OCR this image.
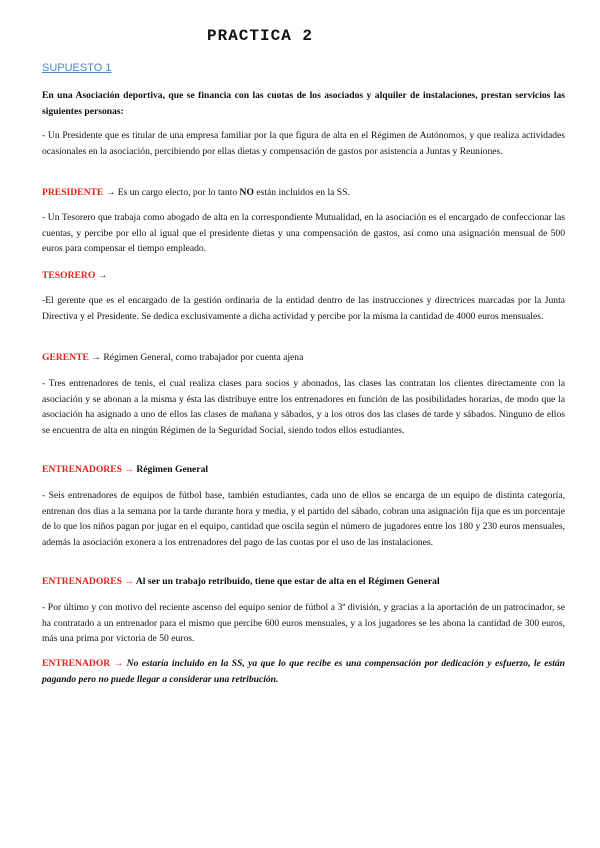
PRACTICA 2
SUPUESTO 1
En una Asociación deportiva, que se financia con las cuotas de los asociados y alquiler de instalaciones, prestan servicios las siguientes personas:
- Un Presidente que es titular de una empresa familiar por la que figura de alta en el Régimen de Autónomos, y que realiza actividades ocasionales en la asociación, percibiendo por ellas dietas y compensación de gastos por asistencia a Juntas y Reuniones.
PRESIDENTE → Es un cargo electo, por lo tanto NO están incluidos en la SS.
- Un Tesorero que trabaja como abogado de alta en la correspondiente Mutualidad, en la asociación es el encargado de confeccionar las cuentas, y percibe por ello al igual que el presidente dietas y una compensación de gastos, así como una asignación mensual de 500 euros para compensar el tiempo empleado.
TESORERO →
-El gerente que es el encargado de la gestión ordinaria de la entidad dentro de las instrucciones y directrices marcadas por la Junta Directiva y el Presidente. Se dedica exclusivamente a dicha actividad y percibe por la misma la cantidad de 4000 euros mensuales.
GERENTE → Régimen General, como trabajador por cuenta ajena
- Tres entrenadores de tenis, el cual realiza clases para socios y abonados, las clases las contratan los clientes directamente con la asociación y se abonan a la misma y ésta las distribuye entre los entrenadores en función de las posibilidades horarias, de modo que la asociación ha asignado a uno de ellos las clases de mañana y sábados, y a los otros dos las clases de tarde y sábados. Ninguno de ellos se encuentra de alta en ningún Régimen de la Seguridad Social, siendo todos ellos estudiantes.
ENTRENADORES → Régimen General
- Seis entrenadores de equipos de fútbol base, también estudiantes, cada uno de ellos se encarga de un equipo de distinta categoría, entrenan dos días a la semana por la tarde durante hora y media, y el partido del sábado, cobran una asignación fija que es un porcentaje de lo que los niños pagan por jugar en el equipo, cantidad que oscila según el número de jugadores entre los 180 y 230 euros mensuales, además la asociación exonera a los entrenadores del pago de las cuotas por el uso de las instalaciones.
ENTRENADORES → Al ser un trabajo retribuido, tiene que estar de alta en el Régimen General
- Por último y con motivo del reciente ascenso del equipo senior de fútbol a 3ª división, y gracias a la aportación de un patrocinador, se ha contratado a un entrenador para el mismo que percibe 600 euros mensuales, y a los jugadores se les abona la cantidad de 300 euros, más una prima por victoria de 50 euros.
ENTRENADOR → No estaría incluido en la SS, ya que lo que recibe es una compensación por dedicación y esfuerzo, le están pagando pero no puede llegar a considerar una retribución.
